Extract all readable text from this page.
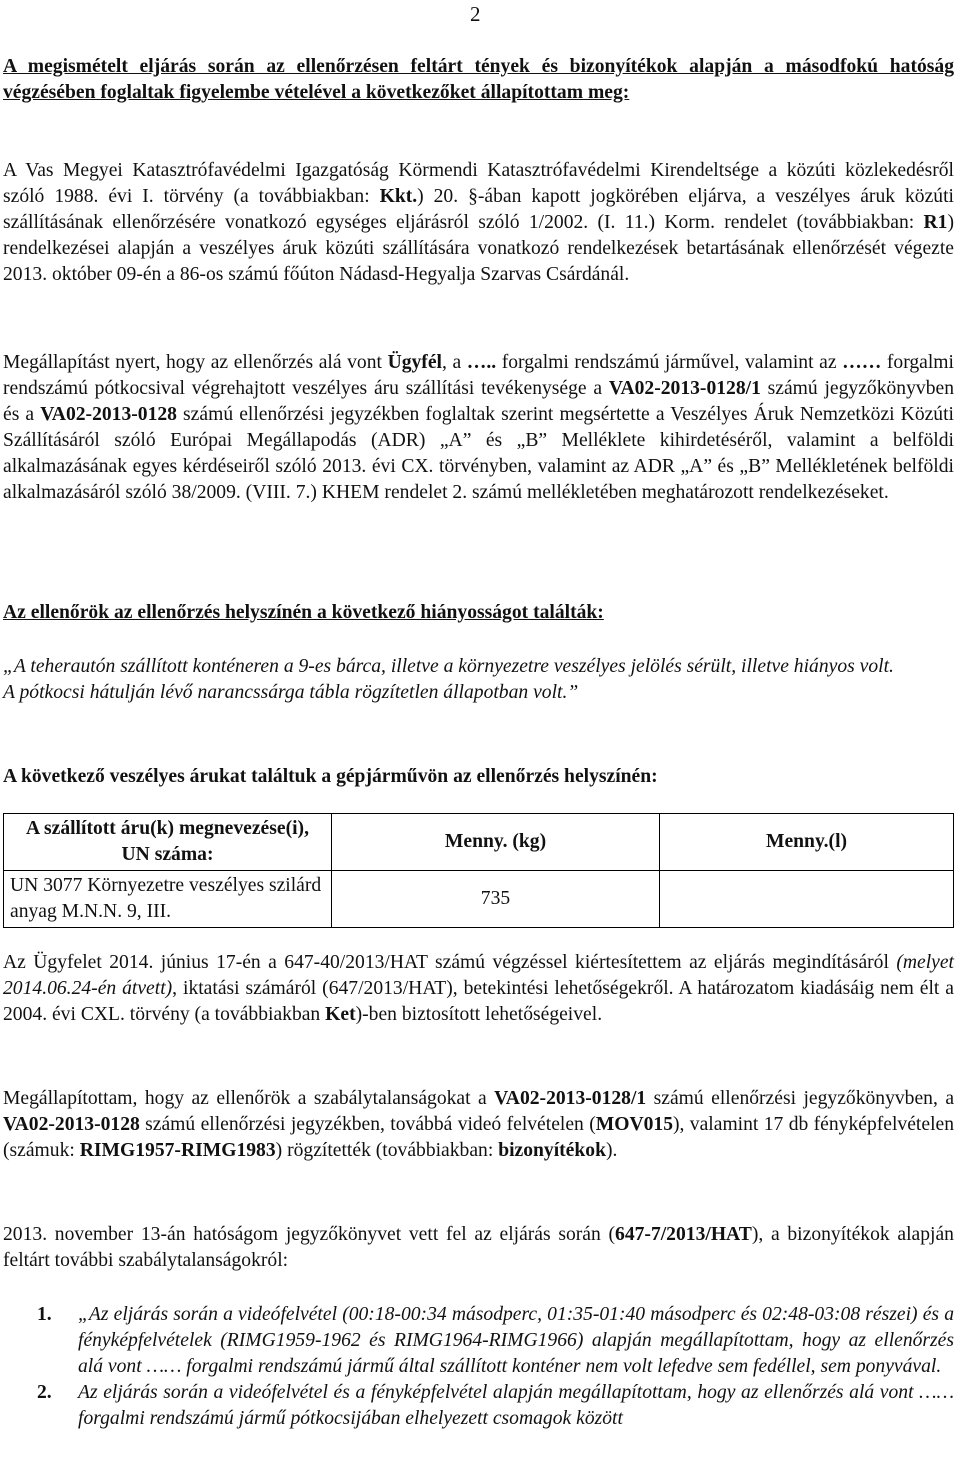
2

A megismételt eljárás során az ellenőrzésen feltárt tények és bizonyítékok alapján a másodfokú hatóság végzésében foglaltak figyelembe vételével a következőket állapítottam meg:

A Vas Megyei Katasztrófavédelmi Igazgatóság Körmendi Katasztrófavédelmi Kirendeltsége a közúti közlekedésről szóló 1988. évi I. törvény (a továbbiakban: Kkt.) 20. §-ában kapott jogkörében eljárva, a veszélyes áruk közúti szállításának ellenőrzésére vonatkozó egységes eljárásról szóló 1/2002. (I. 11.) Korm. rendelet (továbbiakban: R1) rendelkezései alapján a veszélyes áruk közúti szállítására vonatkozó rendelkezések betartásának ellenőrzését végezte 2013. október 09-én a 86-os számú főúton Nádasd-Hegyalja Szarvas Csárdánál.

Megállapítást nyert, hogy az ellenőrzés alá vont Ügyfél, a ….. forgalmi rendszámú járművel, valamint az …… forgalmi rendszámú pótkocsival végrehajtott veszélyes áru szállítási tevékenysége a VA02-2013-0128/1 számú jegyzőkönyvben és a VA02-2013-0128 számú ellenőrzési jegyzékben foglaltak szerint megsértette a Veszélyes Áruk Nemzetközi Közúti Szállításáról szóló Európai Megállapodás (ADR) „A” és „B” Melléklete kihirdetéséről, valamint a belföldi alkalmazásának egyes kérdéseiről szóló 2013. évi CX. törvényben, valamint az ADR „A” és „B” Mellékletének belföldi alkalmazásáról szóló 38/2009. (VIII. 7.) KHEM rendelet 2. számú mellékletében meghatározott rendelkezéseket.

Az ellenőrök az ellenőrzés helyszínén a következő hiányosságot találták:

„A teherautón szállított konténeren a 9-es bárca, illetve a környezetre veszélyes jelölés sérült, illetve hiányos volt.
A pótkocsi hátulján lévő narancssárga tábla rögzítetlen állapotban volt.”

A következő veszélyes árukat találtuk a gépjárművön az ellenőrzés helyszínén:

A szállított áru(k) megnevezése(i), UN száma:	Menny. (kg)	Menny.(l)
UN 3077 Környezetre veszélyes szilárd anyag M.N.N. 9, III.	735	

Az Ügyfelet 2014. június 17-én a 647-40/2013/HAT számú végzéssel kiértesítettem az eljárás megindításáról (melyet 2014.06.24-én átvett), iktatási számáról (647/2013/HAT), betekintési lehetőségekről. A határozatom kiadásáig nem élt a 2004. évi CXL. törvény (a továbbiakban Ket)-ben biztosított lehetőségeivel.

Megállapítottam, hogy az ellenőrök a szabálytalanságokat a VA02-2013-0128/1 számú ellenőrzési jegyzőkönyvben, a VA02-2013-0128 számú ellenőrzési jegyzékben, továbbá videó felvételen (MOV015), valamint 17 db fényképfelvételen (számuk: RIMG1957-RIMG1983) rögzítették (továbbiakban: bizonyítékok).

2013. november 13-án hatóságom jegyzőkönyvet vett fel az eljárás során (647-7/2013/HAT), a bizonyítékok alapján feltárt további szabálytalanságokról:

1. „Az eljárás során a videófelvétel (00:18-00:34 másodperc, 01:35-01:40 másodperc és 02:48-03:08 részei) és a fényképfelvételek (RIMG1959-1962 és RIMG1964-RIMG1966) alapján megállapítottam, hogy az ellenőrzés alá vont …… forgalmi rendszámú jármű által szállított konténer nem volt lefedve sem fedéllel, sem ponyvával.
2. Az eljárás során a videófelvétel és a fényképfelvétel alapján megállapítottam, hogy az ellenőrzés alá vont …… forgalmi rendszámú jármű pótkocsijában elhelyezett csomagok között
